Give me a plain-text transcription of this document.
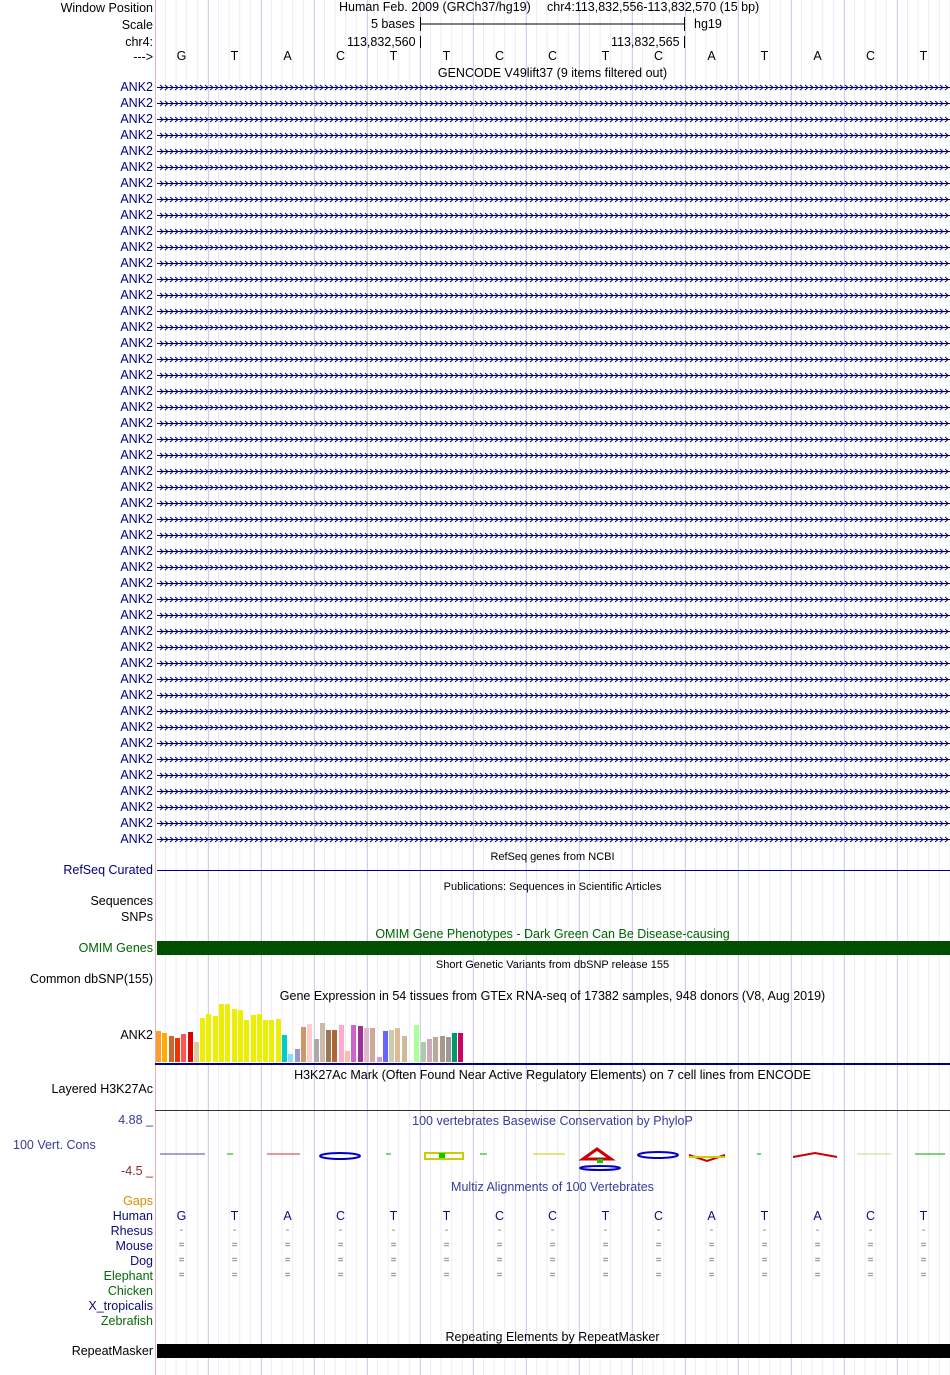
Window Position
Scale
chr4:
--->
Human Feb. 2009 (GRCh37/hg19) chr4:113,832,556-113,832,570 (15 bp)
5 bases	hg19
113,832,560	113,832,565
G	T	A	C	T	T	C	C	T	C	A	T	A	C	T
GENCODE V49lift37 (9 items filtered out)
ANK2
ANK2
ANK2
ANK2
ANK2
ANK2
ANK2
ANK2
ANK2
ANK2
ANK2
ANK2
ANK2
ANK2
ANK2
ANK2
ANK2
ANK2
ANK2
ANK2
ANK2
ANK2
ANK2
ANK2
ANK2
ANK2
ANK2
ANK2
ANK2
ANK2
ANK2
ANK2
ANK2
ANK2
ANK2
ANK2
ANK2
ANK2
ANK2
ANK2
ANK2
ANK2
ANK2
ANK2
ANK2
ANK2
ANK2
ANK2
RefSeq genes from NCBI
RefSeq Curated
Publications: Sequences in Scientific Articles
Sequences
SNPs
OMIM Gene Phenotypes - Dark Green Can Be Disease-causing
OMIM Genes
Short Genetic Variants from dbSNP release 155
Common dbSNP(155)
Gene Expression in 54 tissues from GTEx RNA-seq of 17382 samples, 948 donors (V8, Aug 2019)
ANK2
H3K27Ac Mark (Often Found Near Active Regulatory Elements) on 7 cell lines from ENCODE
Layered H3K27Ac
100 vertebrates Basewise Conservation by PhyloP
4.88 _
100 Vert. Cons
-4.5 _
Multiz Alignments of 100 Vertebrates
Gaps
Human	G	T	A	C	T	T	C	C	T	C	A	T	A	C	T
Rhesus	-	-	-	-	-	-	-	-	-	-	-	-	-	-	-
Mouse	=	=	=	=	=	=	=	=	=	=	=	=	=	=	=
Dog	=	=	=	=	=	=	=	=	=	=	=	=	=	=	=
Elephant	=	=	=	=	=	=	=	=	=	=	=	=	=	=	=
Chicken
X_tropicalis
Zebrafish
Repeating Elements by RepeatMasker
RepeatMasker
